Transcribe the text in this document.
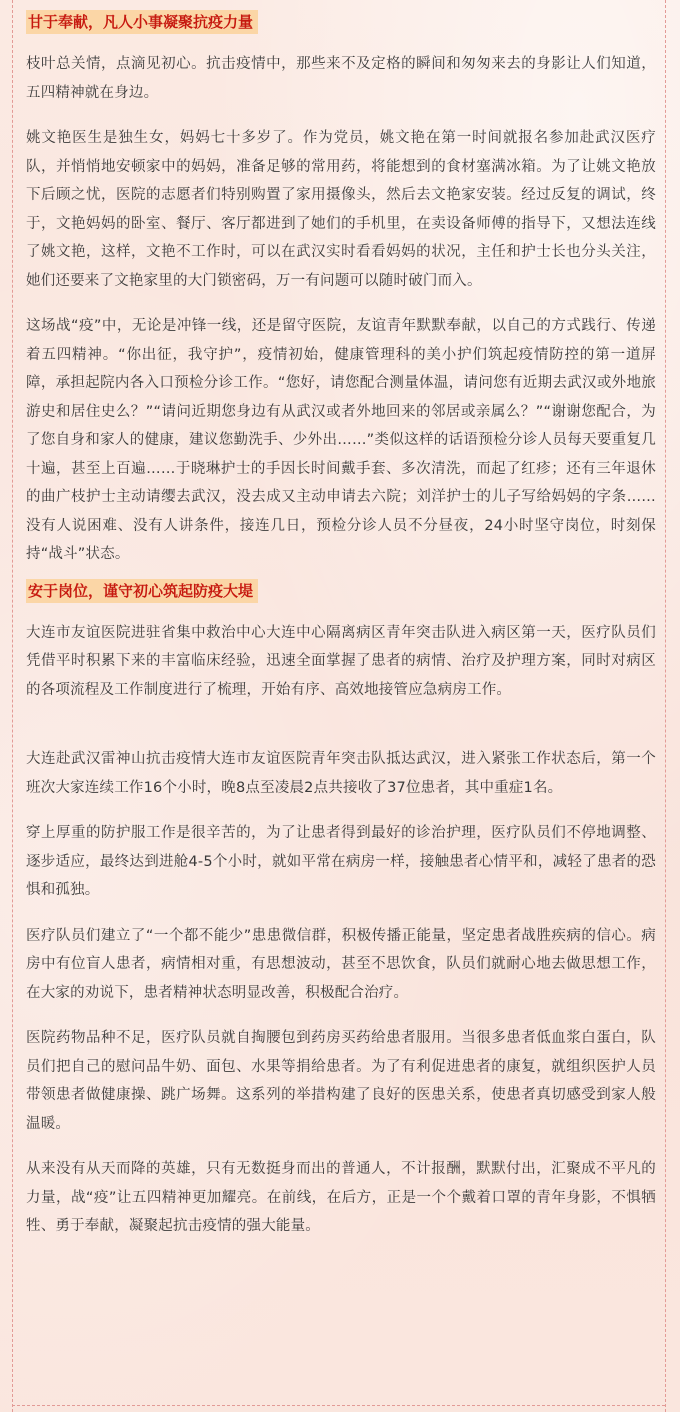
甘于奉献，凡人小事凝聚抗疫力量

枝叶总关情，点滴见初心。抗击疫情中，那些来不及定格的瞬间和匆匆来去的身影让人们知道，五四精神就在身边。

姚文艳医生是独生女，妈妈七十多岁了。作为党员，姚文艳在第一时间就报名参加赴武汉医疗队，并悄悄地安顿家中的妈妈，准备足够的常用药，将能想到的食材塞满冰箱。为了让姚文艳放下后顾之忧，医院的志愿者们特别购置了家用摄像头，然后去文艳家安装。经过反复的调试，终于，文艳妈妈的卧室、餐厅、客厅都进到了她们的手机里，在卖设备师傅的指导下，又想法连线了姚文艳，这样，文艳不工作时，可以在武汉实时看看妈妈的状况，主任和护士长也分头关注，她们还要来了文艳家里的大门锁密码，万一有问题可以随时破门而入。

这场战“疫”中，无论是冲锋一线，还是留守医院，友谊青年默默奉献，以自己的方式践行、传递着五四精神。“你出征，我守护”，疫情初始，健康管理科的美小护们筑起疫情防控的第一道屏障，承担起院内各入口预检分诊工作。“您好，请您配合测量体温，请问您有近期去武汉或外地旅游史和居住史么？”“请问近期您身边有从武汉或者外地回来的邻居或亲属么？”“谢谢您配合，为了您自身和家人的健康，建议您勤洗手、少外出……”类似这样的话语预检分诊人员每天要重复几十遍，甚至上百遍……于晓琳护士的手因长时间戴手套、多次清洗，而起了红疹；还有三年退休的曲广枝护士主动请缨去武汉，没去成又主动申请去六院；刘洋护士的儿子写给妈妈的字条……没有人说困难、没有人讲条件，接连几日，预检分诊人员不分昼夜，24小时坚守岗位，时刻保持“战斗”状态。

安于岗位，谨守初心筑起防疫大堤

大连市友谊医院进驻省集中救治中心大连中心隔离病区青年突击队进入病区第一天，医疗队员们凭借平时积累下来的丰富临床经验，迅速全面掌握了患者的病情、治疗及护理方案，同时对病区的各项流程及工作制度进行了梳理，开始有序、高效地接管应急病房工作。

大连赴武汉雷神山抗击疫情大连市友谊医院青年突击队抵达武汉，进入紧张工作状态后，第一个班次大家连续工作16个小时，晚8点至凌晨2点共接收了37位患者，其中重症1名。

穿上厚重的防护服工作是很辛苦的，为了让患者得到最好的诊治护理，医疗队员们不停地调整、逐步适应，最终达到进舱4-5个小时，就如平常在病房一样，接触患者心情平和，减轻了患者的恐惧和孤独。

医疗队员们建立了“一个都不能少”患患微信群，积极传播正能量，坚定患者战胜疾病的信心。病房中有位盲人患者，病情相对重，有思想波动，甚至不思饮食，队员们就耐心地去做思想工作，在大家的劝说下，患者精神状态明显改善，积极配合治疗。

医院药物品种不足，医疗队员就自掏腰包到药房买药给患者服用。当很多患者低血浆白蛋白，队员们把自己的慰问品牛奶、面包、水果等捐给患者。为了有利促进患者的康复，就组织医护人员带领患者做健康操、跳广场舞。这系列的举措构建了良好的医患关系，使患者真切感受到家人般温暖。

从来没有从天而降的英雄，只有无数挺身而出的普通人，不计报酬，默默付出，汇聚成不平凡的力量，战“疫”让五四精神更加耀亮。在前线，在后方，正是一个个戴着口罩的青年身影，不惧牺牲、勇于奉献，凝聚起抗击疫情的强大能量。
